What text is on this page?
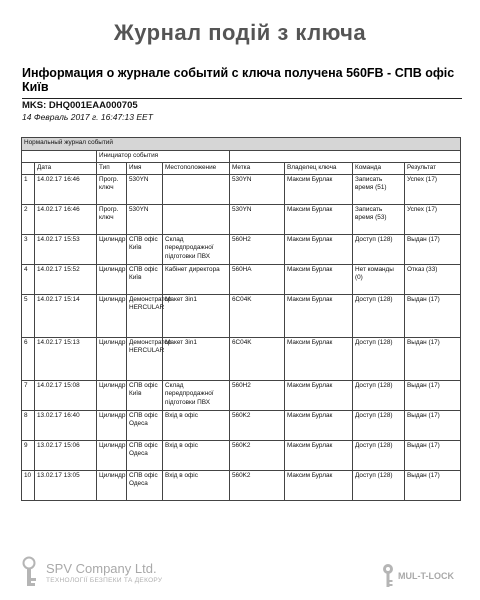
Журнал подій з ключа
Информация о журнале событий с ключа получена 560FB - СПВ офіс Київ
MKS: DHQ001EAA000705
14 Февраль 2017 г. 16:47:13 EET
Нормальный журнал событий								
		Инициатор события						
	Дата	Тип	Имя	Местоположение	Метка	Владелец ключа	Команда	Результат
1	14.02.17 16:46	Прогр. ключ	530YN		530YN	Максим Бурлак	Записать время (51)	Успех (17)
2	14.02.17 16:46	Прогр. ключ	530YN		530YN	Максим Бурлак	Записать время (53)	Успех (17)
3	14.02.17 15:53	Цилиндр	СПВ офіс Київ	Склад передпродажної підготовки ПВХ	560H2	Максим Бурлак	Доступ (128)	Выдан (17)
4	14.02.17 15:52	Цилиндр	СПВ офіс Київ	Кабінет директора	560HA	Максим Бурлак	Нет команды (0)	Отказ (33)
5	14.02.17 15:14	Цилиндр	Демонстратор HERCULAR	Макет 3in1	6C04K	Максим Бурлак	Доступ (128)	Выдан (17)
6	14.02.17 15:13	Цилиндр	Демонстратор HERCULAR	Макет 3in1	6C04K	Максим Бурлак	Доступ (128)	Выдан (17)
7	14.02.17 15:08	Цилиндр	СПВ офіс Київ	Склад передпродажної підготовки ПВХ	560H2	Максим Бурлак	Доступ (128)	Выдан (17)
8	13.02.17 16:40	Цилиндр	СПВ офіс Одеса	Вхід в офіс	560K2	Максим Бурлак	Доступ (128)	Выдан (17)
9	13.02.17 15:06	Цилиндр	СПВ офіс Одеса	Вхід в офіс	560K2	Максим Бурлак	Доступ (128)	Выдан (17)
10	13.02.17 13:05	Цилиндр	СПВ офіс Одеса	Вхід в офіс	560K2	Максим Бурлак	Доступ (128)	Выдан (17)
SPV Company Ltd.
ТЕХНОЛОГІЇ БЕЗПЕКИ ТА ДЕКОРУ	MUL-T-LOCK
